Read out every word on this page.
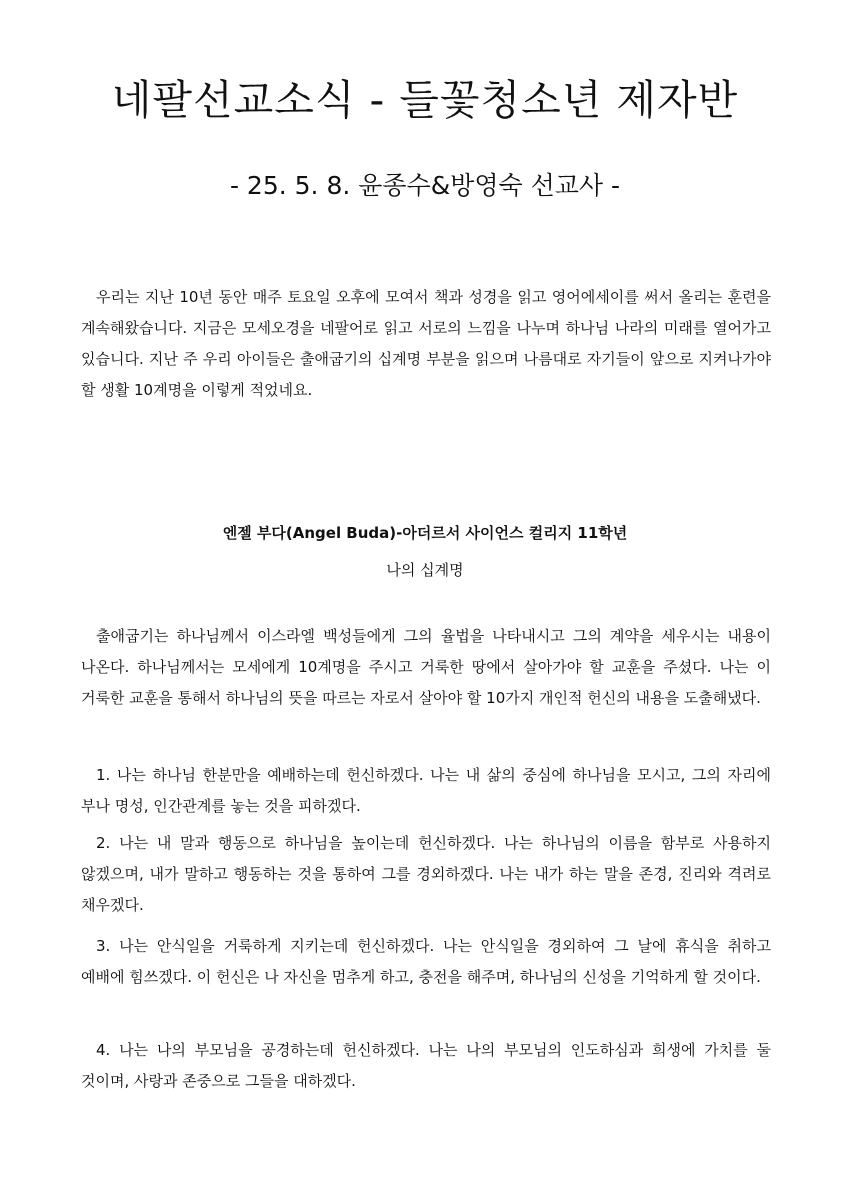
네팔선교소식 - 들꽃청소년 제자반

- 25. 5. 8. 윤종수&방영숙 선교사 -

우리는 지난 10년 동안 매주 토요일 오후에 모여서 책과 성경을 읽고 영어에세이를 써서 올리는 훈련을 계속해왔습니다. 지금은 모세오경을 네팔어로 읽고 서로의 느낌을 나누며 하나님 나라의 미래를 열어가고 있습니다. 지난 주 우리 아이들은 출애굽기의 십계명 부분을 읽으며 나름대로 자기들이 앞으로 지켜나가야 할 생활 10계명을 이렇게 적었네요.

엔젤 부다(Angel Buda)-아더르서 사이언스 컬리지 11학년

나의 십계명

출애굽기는 하나님께서 이스라엘 백성들에게 그의 율법을 나타내시고 그의 계약을 세우시는 내용이 나온다. 하나님께서는 모세에게 10계명을 주시고 거룩한 땅에서 살아가야 할 교훈을 주셨다. 나는 이 거룩한 교훈을 통해서 하나님의 뜻을 따르는 자로서 살아야 할 10가지 개인적 헌신의 내용을 도출해냈다.

1. 나는 하나님 한분만을 예배하는데 헌신하겠다. 나는 내 삶의 중심에 하나님을 모시고, 그의 자리에 부나 명성, 인간관계를 놓는 것을 피하겠다.

2. 나는 내 말과 행동으로 하나님을 높이는데 헌신하겠다. 나는 하나님의 이름을 함부로 사용하지 않겠으며, 내가 말하고 행동하는 것을 통하여 그를 경외하겠다. 나는 내가 하는 말을 존경, 진리와 격려로 채우겠다.

3. 나는 안식일을 거룩하게 지키는데 헌신하겠다. 나는 안식일을 경외하여 그 날에 휴식을 취하고 예배에 힘쓰겠다. 이 헌신은 나 자신을 멈추게 하고, 충전을 해주며, 하나님의 신성을 기억하게 할 것이다.

4. 나는 나의 부모님을 공경하는데 헌신하겠다. 나는 나의 부모님의 인도하심과 희생에 가치를 둘 것이며, 사랑과 존중으로 그들을 대하겠다.
